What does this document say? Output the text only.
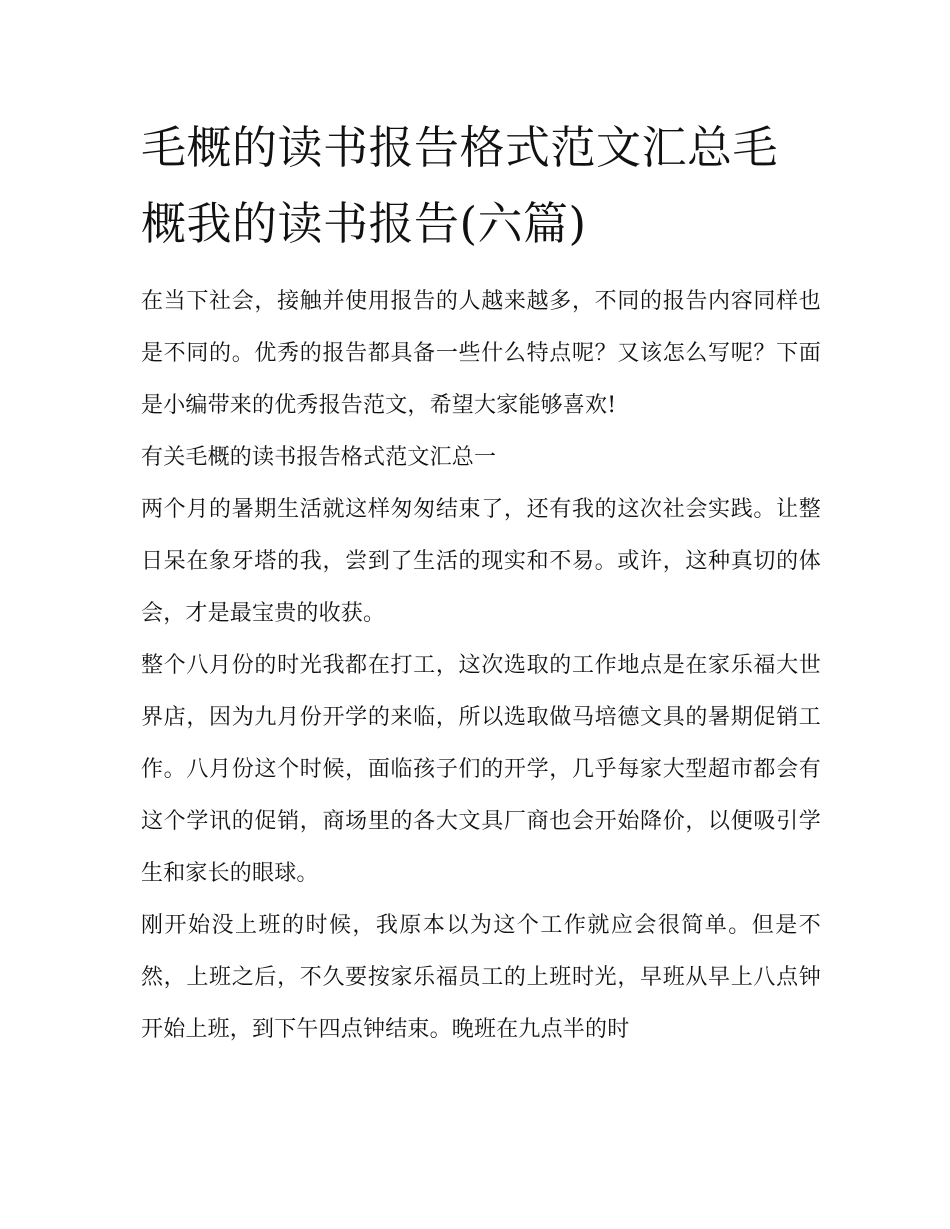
毛概的读书报告格式范文汇总毛概我的读书报告(六篇)

在当下社会，接触并使用报告的人越来越多，不同的报告内容同样也是不同的。优秀的报告都具备一些什么特点呢？又该怎么写呢？下面是小编带来的优秀报告范文，希望大家能够喜欢!

有关毛概的读书报告格式范文汇总一

两个月的暑期生活就这样匆匆结束了，还有我的这次社会实践。让整日呆在象牙塔的我，尝到了生活的现实和不易。或许，这种真切的体会，才是最宝贵的收获。

整个八月份的时光我都在打工，这次选取的工作地点是在家乐福大世界店，因为九月份开学的来临，所以选取做马培德文具的暑期促销工作。八月份这个时候，面临孩子们的开学，几乎每家大型超市都会有这个学讯的促销，商场里的各大文具厂商也会开始降价，以便吸引学生和家长的眼球。

刚开始没上班的时候，我原本以为这个工作就应会很简单。但是不然，上班之后，不久要按家乐福员工的上班时光，早班从早上八点钟开始上班，到下午四点钟结束。晚班在九点半的时
